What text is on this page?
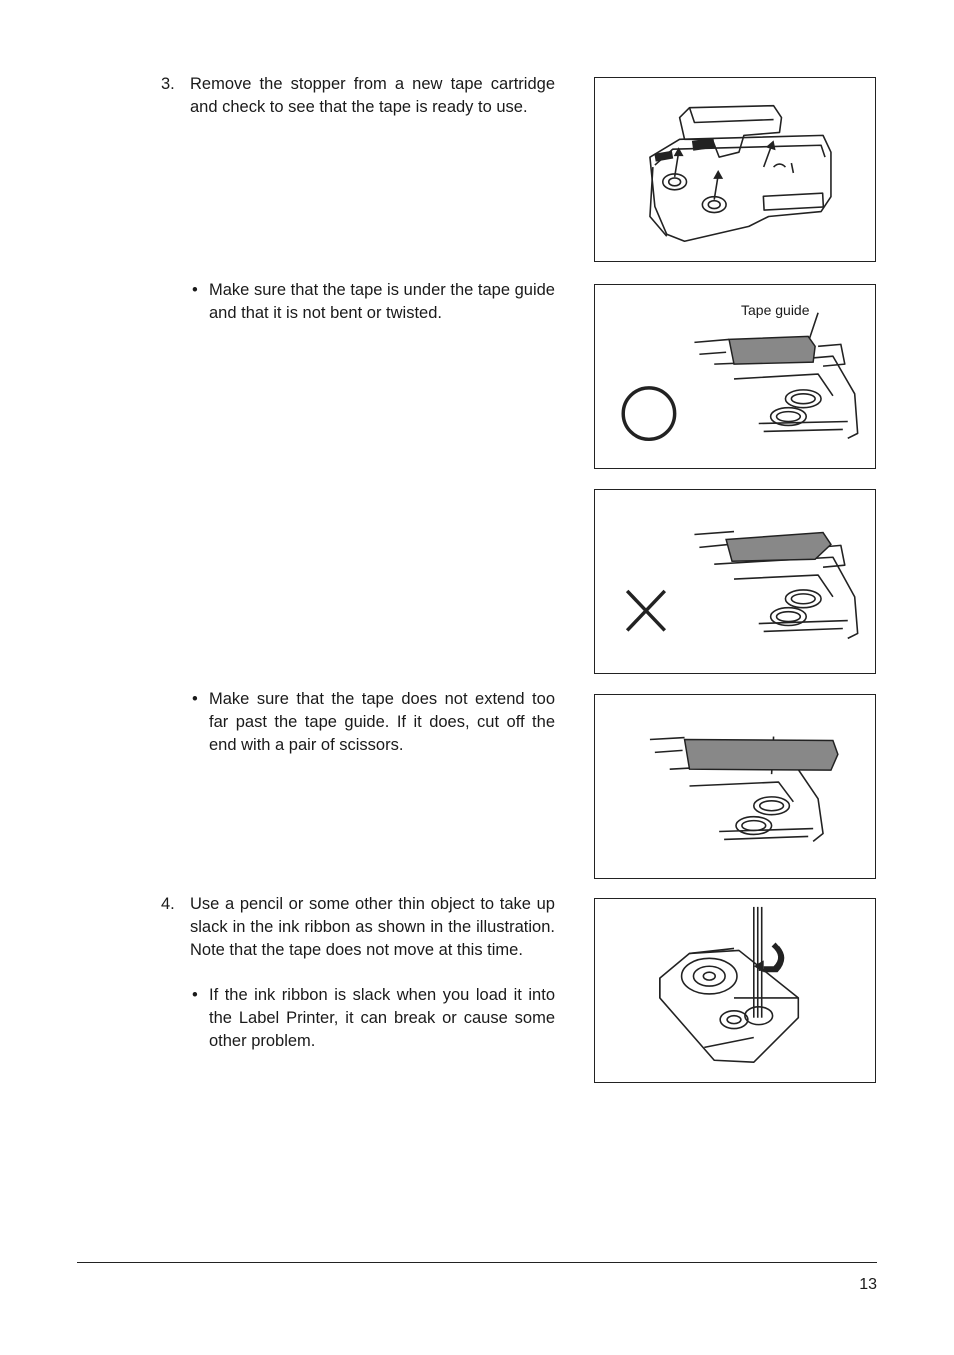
3. Remove the stopper from a new tape cartridge and check to see that the tape is ready to use.

• Make sure that the tape is under the tape guide and that it is not bent or twisted.

• Make sure that the tape does not extend too far past the tape guide. If it does, cut off the end with a pair of scissors.

4. Use a pencil or some other thin object to take up slack in the ink ribbon as shown in the illustration. Note that the tape does not move at this time.

• If the ink ribbon is slack when you load it into the Label Printer, it can break or cause some other problem.

Tape guide
13
